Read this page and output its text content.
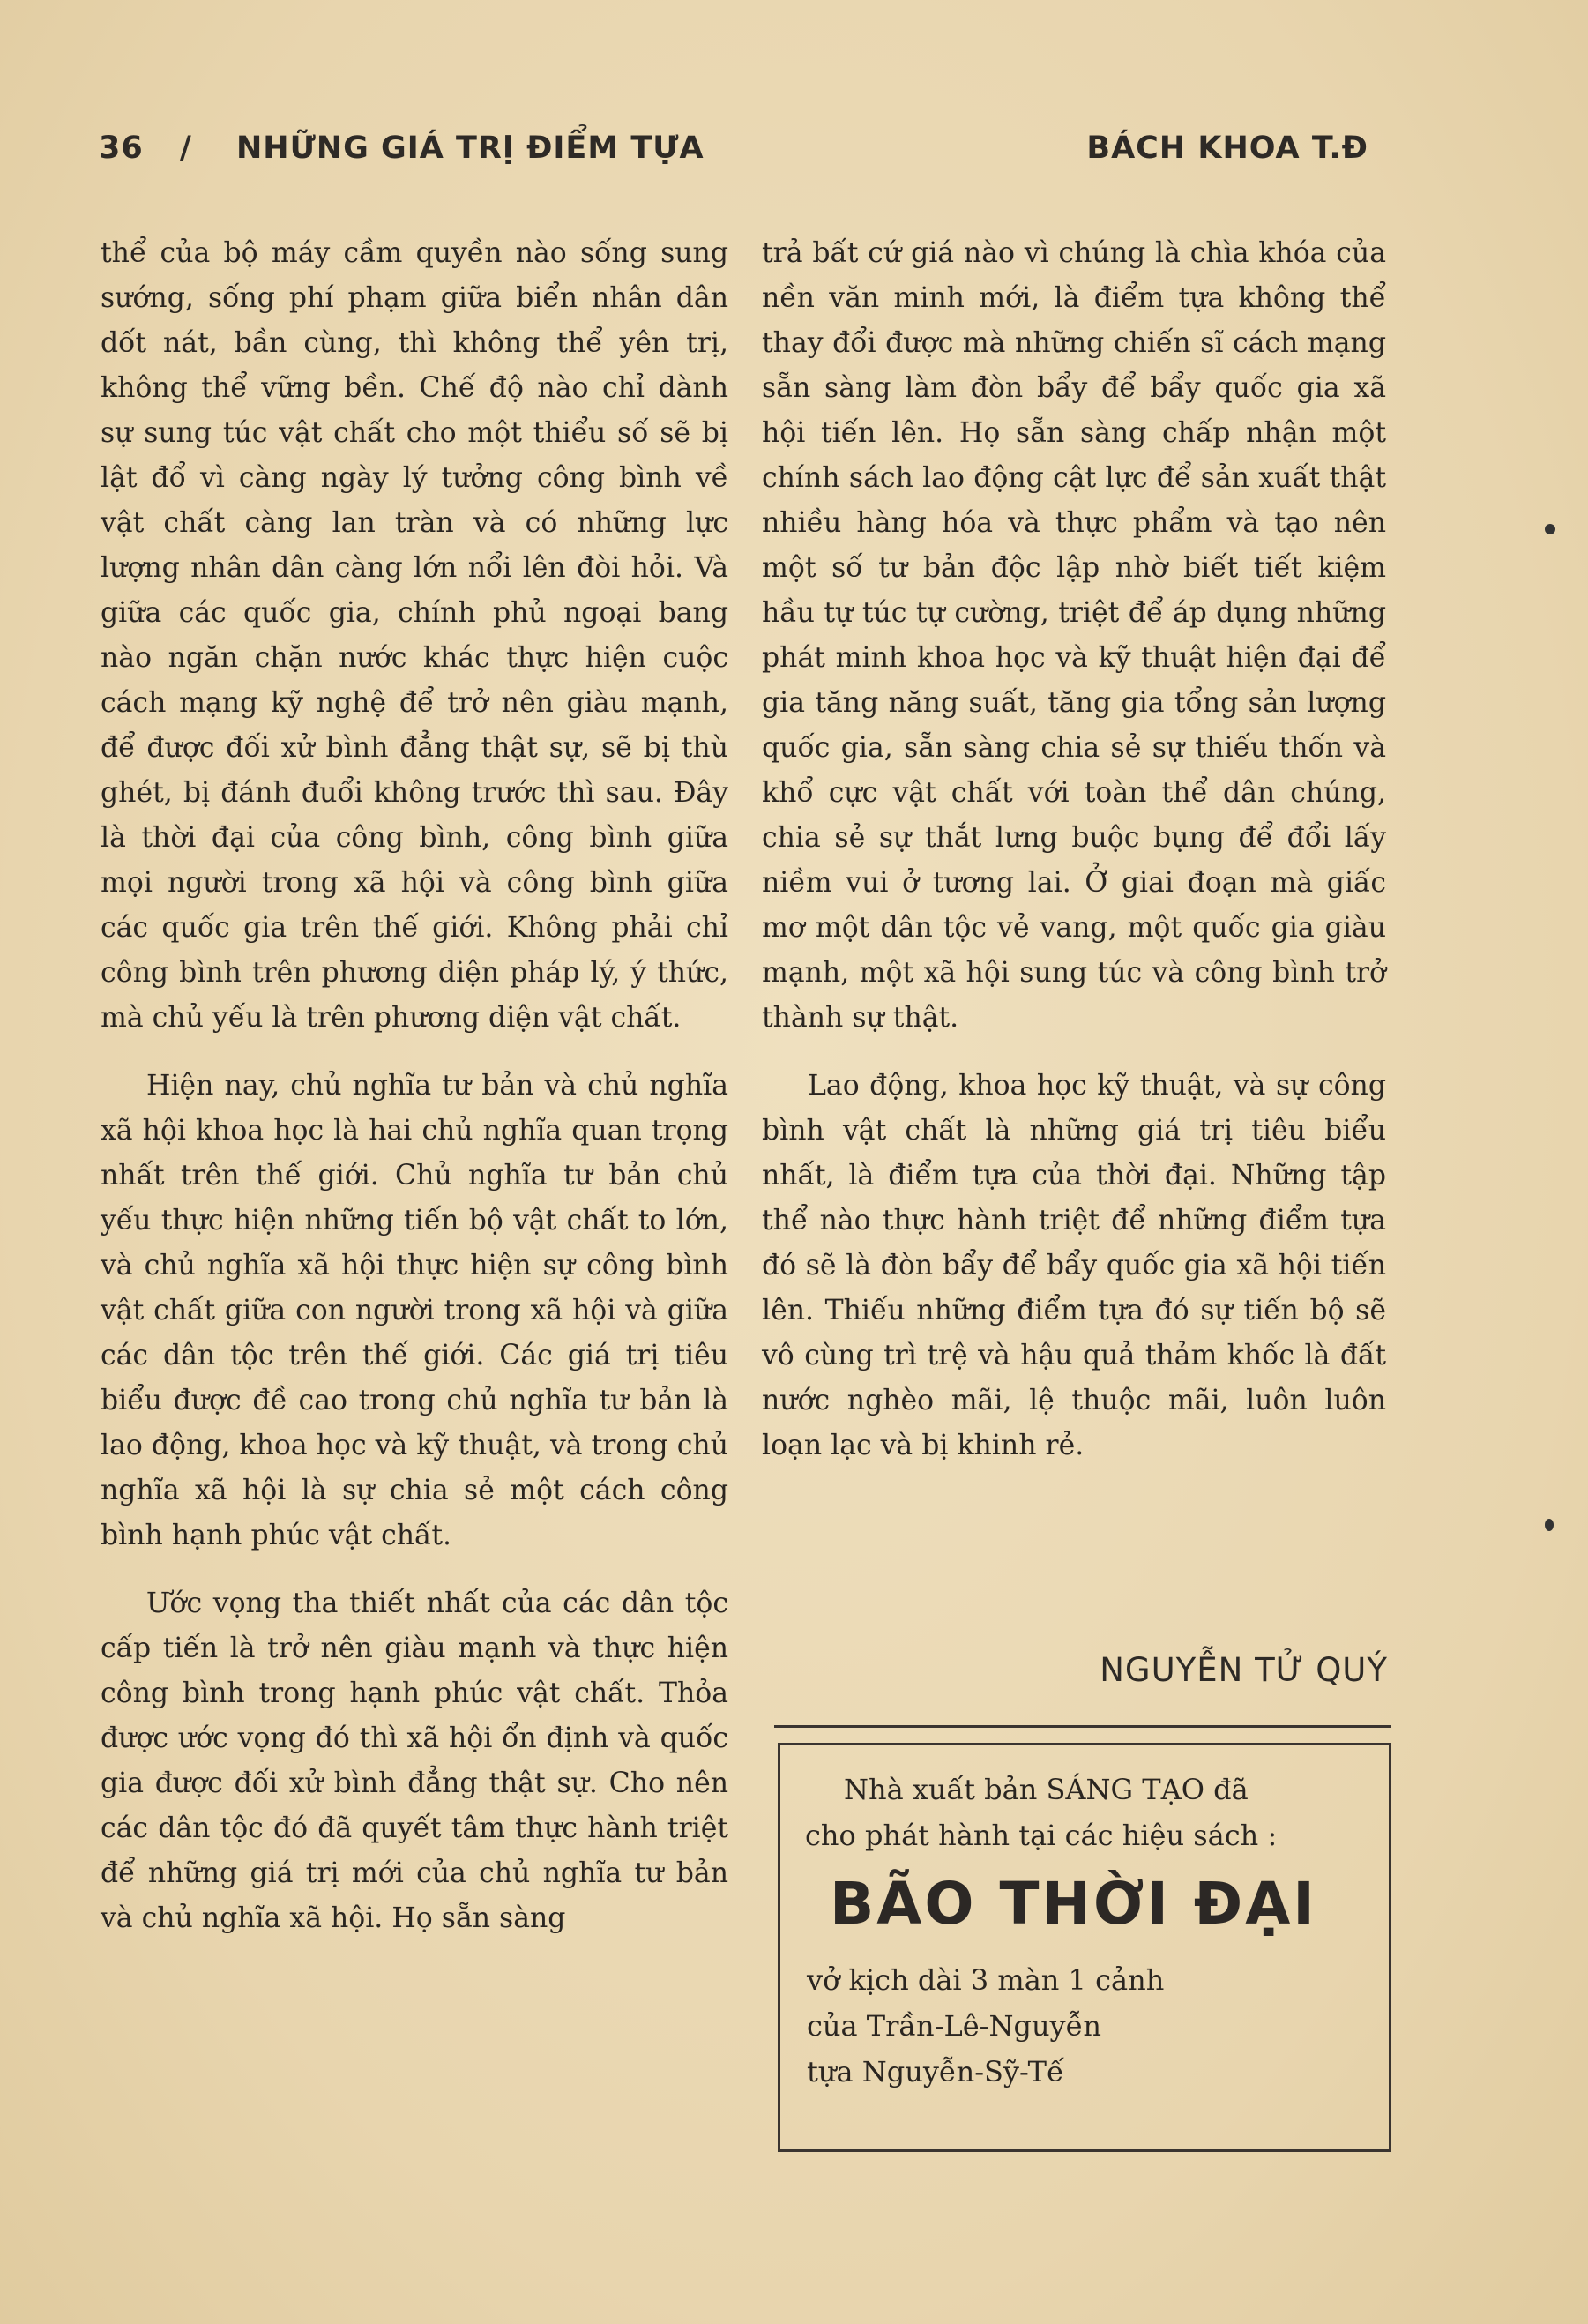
36 / NHỮNG GIÁ TRỊ ĐIỂM TỰA	BÁCH KHOA T.Đ

thể của bộ máy cầm quyền nào sống sung sướng, sống phí phạm giữa biển nhân dân dốt nát, bần cùng, thì không thể yên trị, không thể vững bền. Chế độ nào chỉ dành sự sung túc vật chất cho một thiểu số sẽ bị lật đổ vì càng ngày lý tưởng công bình về vật chất càng lan tràn và có những lực lượng nhân dân càng lớn nổi lên đòi hỏi. Và giữa các quốc gia, chính phủ ngoại bang nào ngăn chặn nước khác thực hiện cuộc cách mạng kỹ nghệ để trở nên giàu mạnh, để được đối xử bình đẳng thật sự, sẽ bị thù ghét, bị đánh đuổi không trước thì sau. Đây là thời đại của công bình, công bình giữa mọi người trong xã hội và công bình giữa các quốc gia trên thế giới. Không phải chỉ công bình trên phương diện pháp lý, ý thức, mà chủ yếu là trên phương diện vật chất.

Hiện nay, chủ nghĩa tư bản và chủ nghĩa xã hội khoa học là hai chủ nghĩa quan trọng nhất trên thế giới. Chủ nghĩa tư bản chủ yếu thực hiện những tiến bộ vật chất to lớn, và chủ nghĩa xã hội thực hiện sự công bình vật chất giữa con người trong xã hội và giữa các dân tộc trên thế giới. Các giá trị tiêu biểu được đề cao trong chủ nghĩa tư bản là lao động, khoa học và kỹ thuật, và trong chủ nghĩa xã hội là sự chia sẻ một cách công bình hạnh phúc vật chất.

Ước vọng tha thiết nhất của các dân tộc cấp tiến là trở nên giàu mạnh và thực hiện công bình trong hạnh phúc vật chất. Thỏa được ước vọng đó thì xã hội ổn định và quốc gia được đối xử bình đẳng thật sự. Cho nên các dân tộc đó đã quyết tâm thực hành triệt để những giá trị mới của chủ nghĩa tư bản và chủ nghĩa xã hội. Họ sẵn sàng

trả bất cứ giá nào vì chúng là chìa khóa của nền văn minh mới, là điểm tựa không thể thay đổi được mà những chiến sĩ cách mạng sẵn sàng làm đòn bẩy để bẩy quốc gia xã hội tiến lên. Họ sẵn sàng chấp nhận một chính sách lao động cật lực để sản xuất thật nhiều hàng hóa và thực phẩm và tạo nên một số tư bản độc lập nhờ biết tiết kiệm hầu tự túc tự cường, triệt để áp dụng những phát minh khoa học và kỹ thuật hiện đại để gia tăng năng suất, tăng gia tổng sản lượng quốc gia, sẵn sàng chia sẻ sự thiếu thốn và khổ cực vật chất với toàn thể dân chúng, chia sẻ sự thắt lưng buộc bụng để đổi lấy niềm vui ở tương lai. Ở giai đoạn mà giấc mơ một dân tộc vẻ vang, một quốc gia giàu mạnh, một xã hội sung túc và công bình trở thành sự thật.

Lao động, khoa học kỹ thuật, và sự công bình vật chất là những giá trị tiêu biểu nhất, là điểm tựa của thời đại. Những tập thể nào thực hành triệt để những điểm tựa đó sẽ là đòn bẩy để bẩy quốc gia xã hội tiến lên. Thiếu những điểm tựa đó sự tiến bộ sẽ vô cùng trì trệ và hậu quả thảm khốc là đất nước nghèo mãi, lệ thuộc mãi, luôn luôn loạn lạc và bị khinh rẻ.

NGUYỄN TỬ QUÝ
Nhà xuất bản SÁNG TẠO đã
cho phát hành tại các hiệu sách :
BÃO THỜI ĐẠI
vở kịch dài 3 màn 1 cảnh
của Trần-Lê-Nguyễn
tựa Nguyễn-Sỹ-Tế
